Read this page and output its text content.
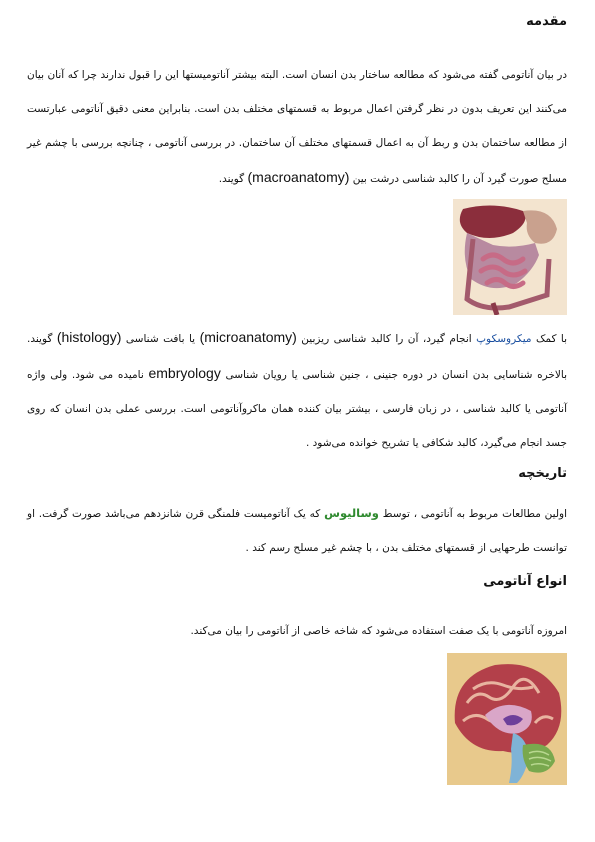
مقدمه

در بیان آناتومی گفته می‌شود که مطالعه ساختار بدن انسان است. البته بیشتر آناتومیستها این را قبول ندارند چرا که آنان بیان می‌کنند این تعریف بدون در نظر گرفتن اعمال مربوط به قسمتهای مختلف بدن است. بنابراین معنی دقیق آناتومی عبارتست از مطالعه ساختمان بدن و ربط آن به اعمال قسمتهای مختلف آن ساختمان. در بررسی آناتومی ، چنانچه بررسی با چشم غیر مسلح صورت گیرد آن را کالبد شناسی درشت بین (macroanatomy) گویند.

با کمک میکروسکوپ انجام گیرد، آن را کالبد شناسی ریزبین (microanatomy) یا بافت شناسی (histology) گویند. بالاخره شناسایی بدن انسان در دوره جنینی ، جنین شناسی یا رویان شناسی embryology نامیده می شود. ولی واژه آناتومی یا کالبد شناسی ، در زبان فارسی ، بیشتر بیان کننده همان ماکروآناتومی است. بررسی عملی بدن انسان که روی جسد انجام می‌گیرد، کالبد شکافی یا تشریح خوانده می‌شود .

تاریخچه

اولین مطالعات مربوط به آناتومی ، توسط وسالیوس که یک آناتومیست فلمنگی قرن شانزدهم می‌باشد صورت گرفت. او توانست طرحهایی از قسمتهای مختلف بدن ، با چشم غیر مسلح رسم کند .

انواع آناتومی

امروزه آناتومی با یک صفت استفاده می‌شود که شاخه خاصی از آناتومی را بیان می‌کند.
